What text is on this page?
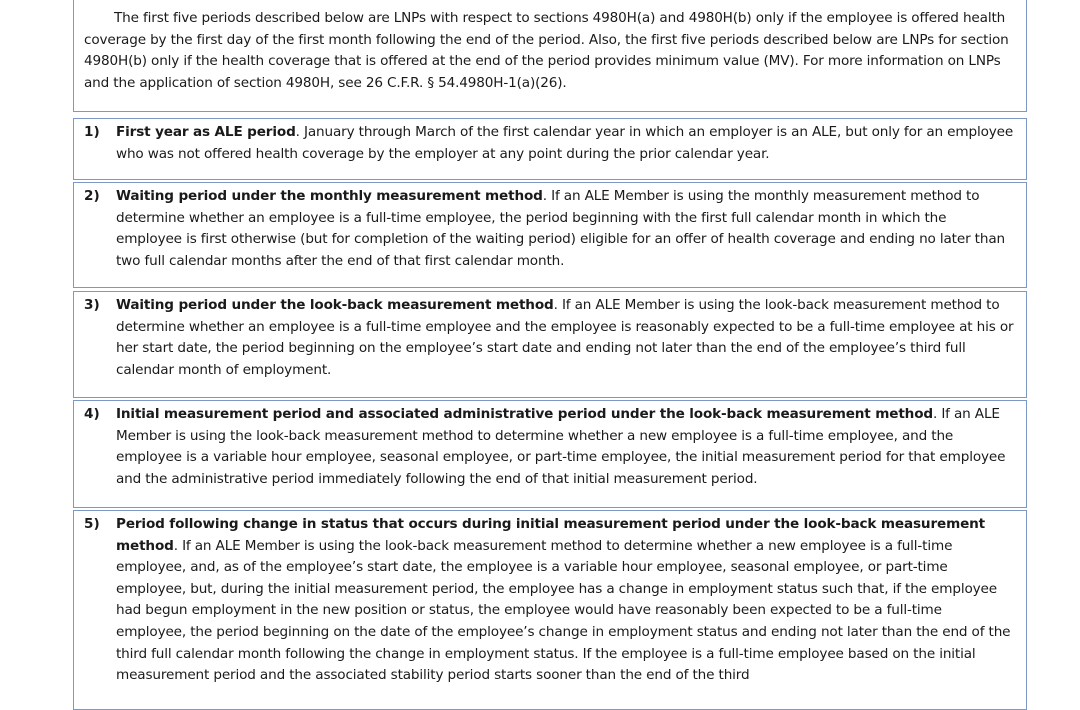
The first five periods described below are LNPs with respect to sections 4980H(a) and 4980H(b) only if the employee is offered health coverage by the first day of the first month following the end of the period. Also, the first five periods described below are LNPs for section 4980H(b) only if the health coverage that is offered at the end of the period provides minimum value (MV). For more information on LNPs and the application of section 4980H, see 26 C.F.R. § 54.4980H-1(a)(26).

1)	First year as ALE period. January through March of the first calendar year in which an employer is an ALE, but only for an employee who was not offered health coverage by the employer at any point during the prior calendar year.
2)	Waiting period under the monthly measurement method. If an ALE Member is using the monthly measurement method to determine whether an employee is a full-time employee, the period beginning with the first full calendar month in which the employee is first otherwise (but for completion of the waiting period) eligible for an offer of health coverage and ending no later than two full calendar months after the end of that first calendar month.
3)	Waiting period under the look-back measurement method. If an ALE Member is using the look-back measurement method to determine whether an employee is a full-time employee and the employee is reasonably expected to be a full-time employee at his or her start date, the period beginning on the employee’s start date and ending not later than the end of the employee’s third full calendar month of employment.
4)	Initial measurement period and associated administrative period under the look-back measurement method. If an ALE Member is using the look-back measurement method to determine whether a new employee is a full-time employee, and the employee is a variable hour employee, seasonal employee, or part-time employee, the initial measurement period for that employee and the administrative period immediately following the end of that initial measurement period.
5)	Period following change in status that occurs during initial measurement period under the look-back measurement method. If an ALE Member is using the look-back measurement method to determine whether a new employee is a full-time employee, and, as of the employee’s start date, the employee is a variable hour employee, seasonal employee, or part-time employee, but, during the initial measurement period, the employee has a change in employment status such that, if the employee had begun employment in the new position or status, the employee would have reasonably been expected to be a full-time employee, the period beginning on the date of the employee’s change in employment status and ending not later than the end of the third full calendar month following the change in employment status. If the employee is a full-time employee based on the initial measurement period and the associated stability period starts sooner than the end of the third
